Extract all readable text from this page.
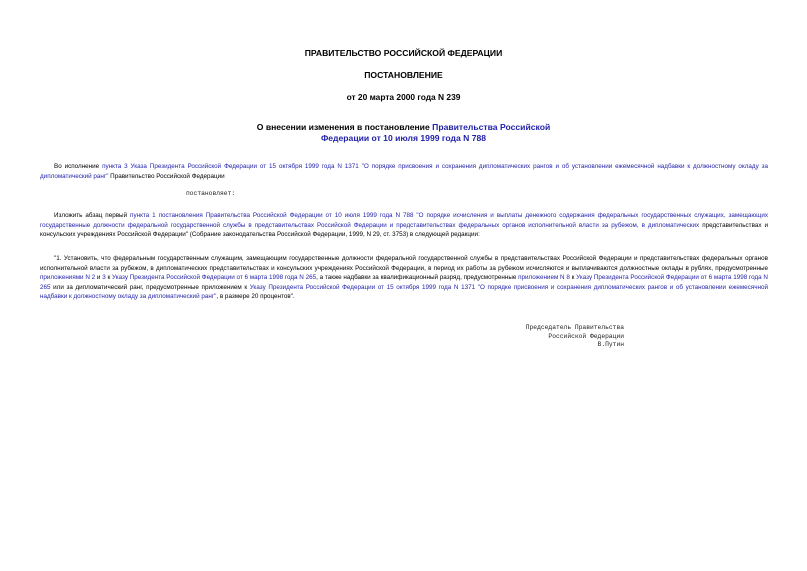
ПРАВИТЕЛЬСТВО РОССИЙСКОЙ ФЕДЕРАЦИИ
ПОСТАНОВЛЕНИЕ
от 20 марта 2000 года N 239
О внесении изменения в постановление Правительства Российской
Федерации от 10 июля 1999 года N 788
Во исполнение пункта 3 Указа Президента Российской Федерации от 15 октября 1999 года N 1371 "О порядке присвоения и сохранения дипломатических рангов и об установлении ежемесячной надбавки к должностному окладу за дипломатический ранг" Правительство Российской Федерации
постановляет:
Изложить абзац первый пункта 1 постановления Правительства Российской Федерации от 10 июля 1999 года N 788 "О порядке исчисления и выплаты денежного содержания федеральных государственных служащих, замещающих государственные должности федеральной государственной службы в представительствах Российской Федерации и представительствах федеральных органов исполнительной власти за рубежом, в дипломатических представительствах и консульских учреждениях Российской Федерации" (Собрание законодательства Российской Федерации, 1999, N 29, ст. 3753) в следующей редакции:
"1. Установить, что федеральным государственным служащим, замещающим государственные должности федеральной государственной службы в представительствах Российской Федерации и представительствах федеральных органов исполнительной власти за рубежом, в дипломатических представительствах и консульских учреждениях Российской Федерации, в период их работы за рубежом исчисляются и выплачиваются должностные оклады в рублях, предусмотренные приложениями N 2 и 3 к Указу Президента Российской Федерации от 6 марта 1998 года N 265, а также надбавки за квалификационный разряд, предусмотренные приложением N 8 к Указу Президента Российской Федерации от 6 марта 1998 года N 265 или за дипломатический ранг, предусмотренные приложением к Указу Президента Российской Федерации от 15 октября 1999 года N 1371 "О порядке присвоения и сохранения дипломатических рангов и об установлении ежемесячной надбавки к должностному окладу за дипломатический ранг", в размере 20 процентов".
Председатель Правительства
Российской Федерации
В.Путин
